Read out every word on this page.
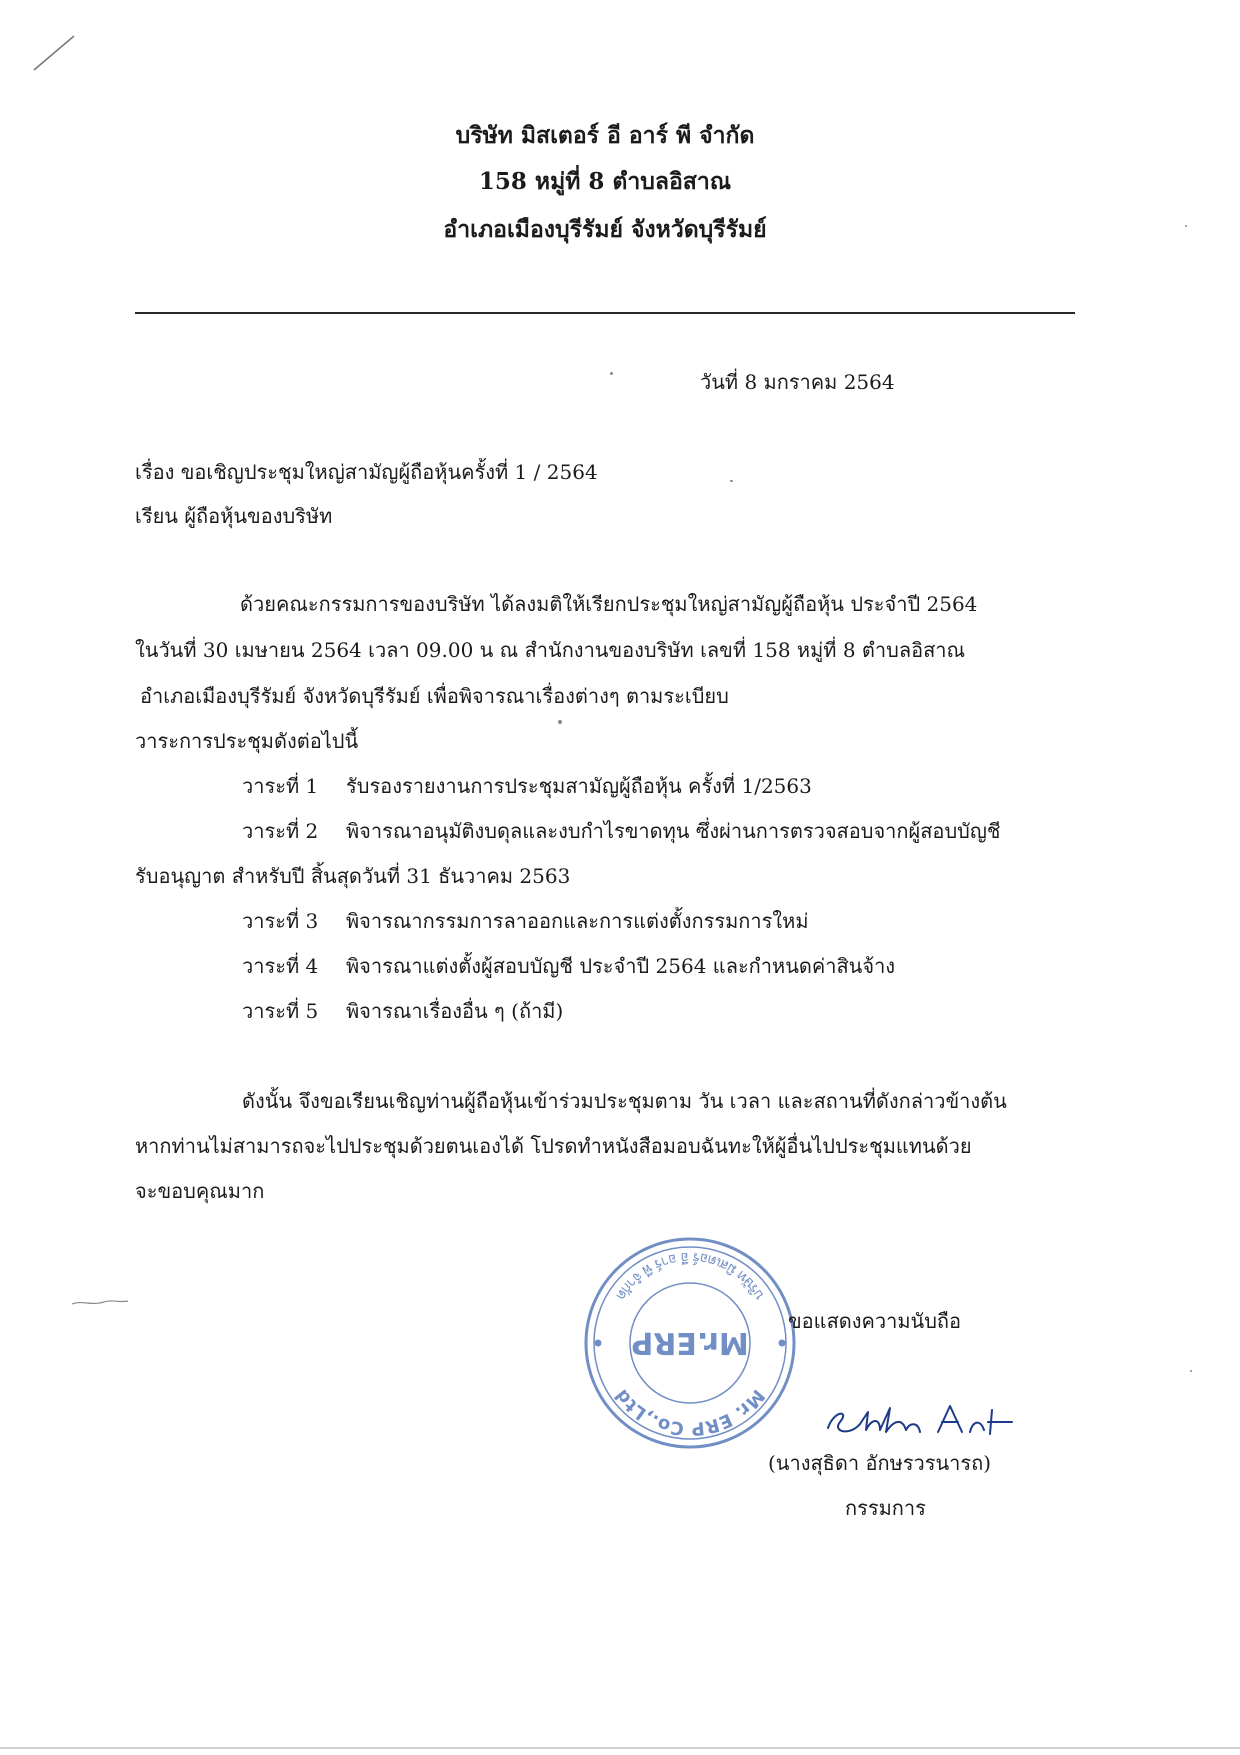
บริษัท มิสเตอร์ อี อาร์ พี จำกัด
158 หมู่ที่ 8 ตำบลอิสาณ
อำเภอเมืองบุรีรัมย์ จังหวัดบุรีรัมย์
วันที่ 8 มกราคม 2564
เรื่อง ขอเชิญประชุมใหญ่สามัญผู้ถือหุ้นครั้งที่ 1 / 2564
เรียน ผู้ถือหุ้นของบริษัท
ด้วยคณะกรรมการของบริษัท ได้ลงมติให้เรียกประชุมใหญ่สามัญผู้ถือหุ้น ประจำปี 2564
ในวันที่ 30 เมษายน 2564 เวลา 09.00 น ณ สำนักงานของบริษัท เลขที่ 158 หมู่ที่ 8 ตำบลอิสาณ
อำเภอเมืองบุรีรัมย์ จังหวัดบุรีรัมย์ เพื่อพิจารณาเรื่องต่างๆ ตามระเบียบ
วาระการประชุมดังต่อไปนี้
วาระที่ 1 รับรองรายงานการประชุมสามัญผู้ถือหุ้น ครั้งที่ 1/2563
วาระที่ 2 พิจารณาอนุมัติงบดุลและงบกำไรขาดทุน ซึ่งผ่านการตรวจสอบจากผู้สอบบัญชี
รับอนุญาต สำหรับปี สิ้นสุดวันที่ 31 ธันวาคม 2563
วาระที่ 3 พิจารณากรรมการลาออกและการแต่งตั้งกรรมการใหม่
วาระที่ 4 พิจารณาแต่งตั้งผู้สอบบัญชี ประจำปี 2564 และกำหนดค่าสินจ้าง
วาระที่ 5 พิจารณาเรื่องอื่น ๆ (ถ้ามี)
ดังนั้น จึงขอเรียนเชิญท่านผู้ถือหุ้นเข้าร่วมประชุมตาม วัน เวลา และสถานที่ดังกล่าวข้างต้น
หากท่านไม่สามารถจะไปประชุมด้วยตนเองได้ โปรดทำหนังสือมอบฉันทะให้ผู้อื่นไปประชุมแทนด้วย
จะขอบคุณมาก
Mr. ERP Co.,Ltd
บริษัท มิสเตอร์ อี อาร์ พี จำกัด
Mr.ERP
ขอแสดงความนับถือ
(นางสุธิดา อักษรวรนารถ)
กรรมการ
